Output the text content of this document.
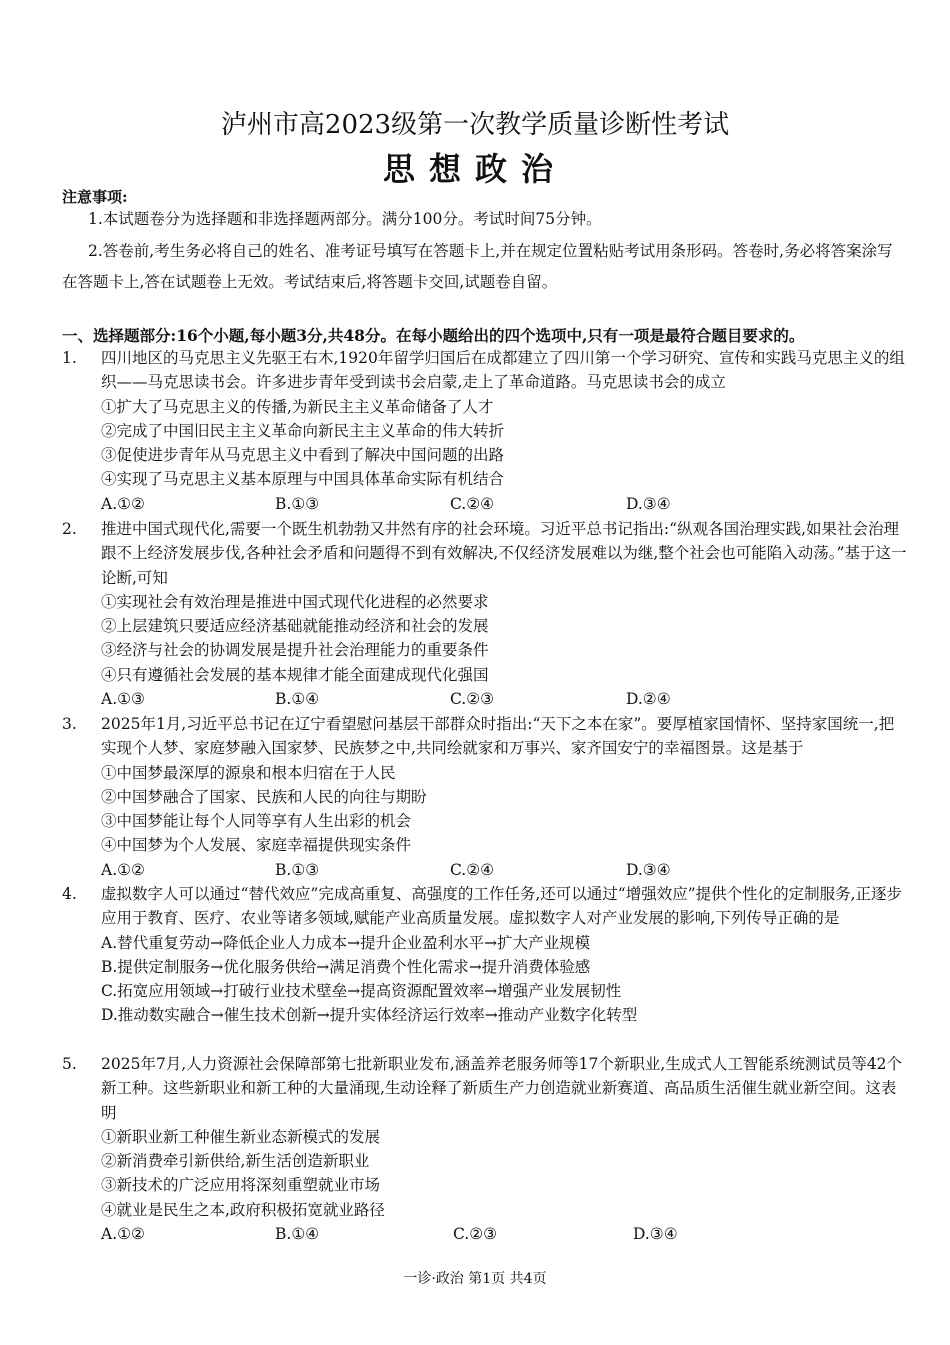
泸州市高2023级第一次教学质量诊断性考试
思想政治
注意事项:
1.本试题卷分为选择题和非选择题两部分。满分100分。考试时间75分钟。
2.答卷前,考生务必将自己的姓名、准考证号填写在答题卡上,并在规定位置粘贴考试用条形码。答卷时,务必将答案涂写在答题卡上,答在试题卷上无效。考试结束后,将答题卡交回,试题卷自留。
一、选择题部分:16个小题,每小题3分,共48分。在每小题给出的四个选项中,只有一项是最符合题目要求的。
1.	四川地区的马克思主义先驱王右木,1920年留学归国后在成都建立了四川第一个学习研究、宣传和实践马克思主义的组织——马克思读书会。许多进步青年受到读书会启蒙,走上了革命道路。马克思读书会的成立
①扩大了马克思主义的传播,为新民主主义革命储备了人才
②完成了中国旧民主主义革命向新民主主义革命的伟大转折
③促使进步青年从马克思主义中看到了解决中国问题的出路
④实现了马克思主义基本原理与中国具体革命实际有机结合
A.①②	B.①③	C.②④	D.③④
2.	推进中国式现代化,需要一个既生机勃勃又井然有序的社会环境。习近平总书记指出:“纵观各国治理实践,如果社会治理跟不上经济发展步伐,各种社会矛盾和问题得不到有效解决,不仅经济发展难以为继,整个社会也可能陷入动荡。”基于这一论断,可知
①实现社会有效治理是推进中国式现代化进程的必然要求
②上层建筑只要适应经济基础就能推动经济和社会的发展
③经济与社会的协调发展是提升社会治理能力的重要条件
④只有遵循社会发展的基本规律才能全面建成现代化强国
A.①③	B.①④	C.②③	D.②④
3.	2025年1月,习近平总书记在辽宁看望慰问基层干部群众时指出:“天下之本在家”。要厚植家国情怀、坚持家国统一,把实现个人梦、家庭梦融入国家梦、民族梦之中,共同绘就家和万事兴、家齐国安宁的幸福图景。这是基于
①中国梦最深厚的源泉和根本归宿在于人民
②中国梦融合了国家、民族和人民的向往与期盼
③中国梦能让每个人同等享有人生出彩的机会
④中国梦为个人发展、家庭幸福提供现实条件
A.①②	B.①③	C.②④	D.③④
4.	虚拟数字人可以通过“替代效应”完成高重复、高强度的工作任务,还可以通过“增强效应”提供个性化的定制服务,正逐步应用于教育、医疗、农业等诸多领域,赋能产业高质量发展。虚拟数字人对产业发展的影响,下列传导正确的是
A.替代重复劳动→降低企业人力成本→提升企业盈利水平→扩大产业规模
B.提供定制服务→优化服务供给→满足消费个性化需求→提升消费体验感
C.拓宽应用领域→打破行业技术壁垒→提高资源配置效率→增强产业发展韧性
D.推动数实融合→催生技术创新→提升实体经济运行效率→推动产业数字化转型
5.	2025年7月,人力资源社会保障部第七批新职业发布,涵盖养老服务师等17个新职业,生成式人工智能系统测试员等42个新工种。这些新职业和新工种的大量涌现,生动诠释了新质生产力创造就业新赛道、高品质生活催生就业新空间。这表明
①新职业新工种催生新业态新模式的发展
②新消费牵引新供给,新生活创造新职业
③新技术的广泛应用将深刻重塑就业市场
④就业是民生之本,政府积极拓宽就业路径
A.①②	B.①④	C.②③	D.③④
一诊·政治 第1页 共4页
